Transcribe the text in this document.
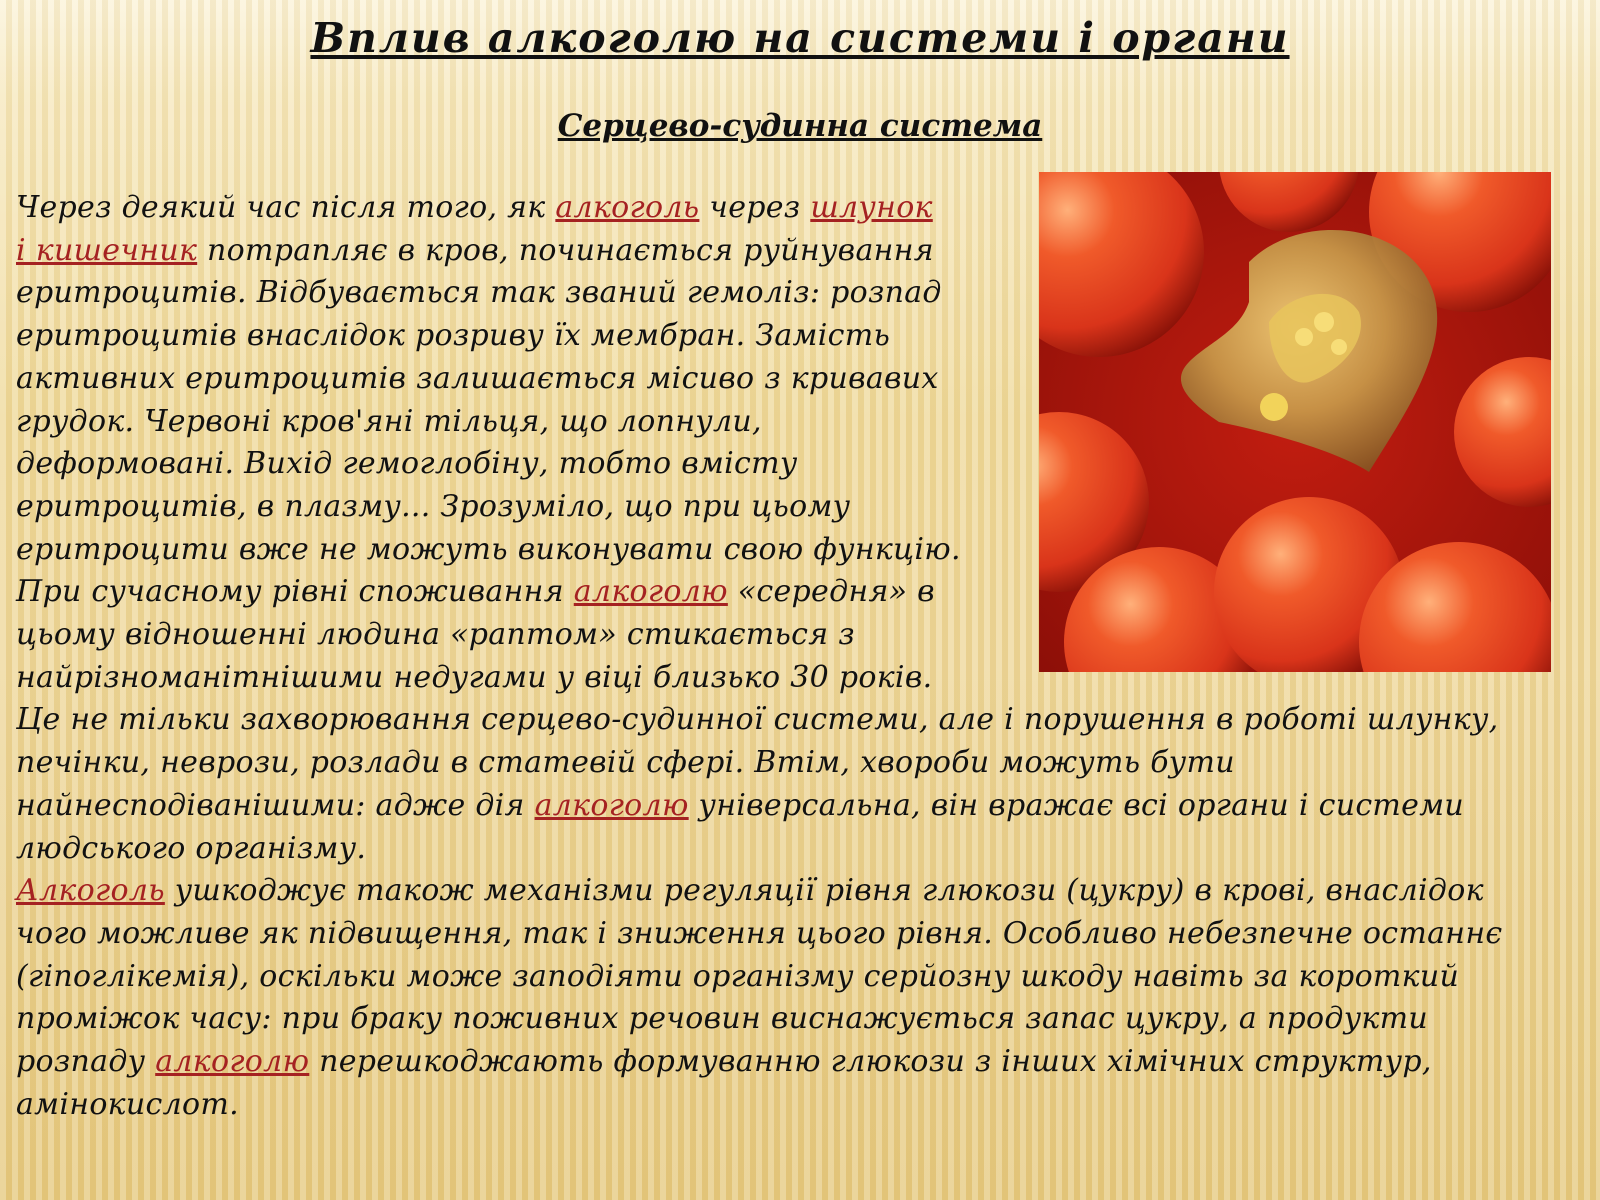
Вплив алкоголю на системи і органи
Серцево-судинна система
Через деякий час після того, як алкоголь через шлунок
і кишечник потрапляє в кров, починається руйнування
еритроцитів. Відбувається так званий гемоліз: розпад
еритроцитів внаслідок розриву їх мембран. Замість
активних еритроцитів залишається місиво з кривавих
грудок. Червоні кров'яні тільця, що лопнули,
деформовані. Вихід гемоглобіну, тобто вмісту
еритроцитів, в плазму... Зрозуміло, що при цьому
еритроцити вже не можуть виконувати свою функцію.
При сучасному рівні споживання алкоголю «середня» в
цьому відношенні людина «раптом» стикається з
найрізноманітнішими недугами у віці близько 30 років.
Це не тільки захворювання серцево-судинної системи, але і порушення в роботі шлунку,
печінки, неврози, розлади в статевій сфері. Втім, хвороби можуть бути
найнесподіванішими: адже дія алкоголю універсальна, він вражає всі органи і системи
людського організму.
Алкоголь ушкоджує також механізми регуляції рівня глюкози (цукру) в крові, внаслідок
чого можливе як підвищення, так і зниження цього рівня. Особливо небезпечне останнє
(гіпоглікемія), оскільки може заподіяти організму серйозну шкоду навіть за короткий
проміжок часу: при браку поживних речовин виснажується запас цукру, а продукти
розпаду алкоголю перешкоджають формуванню глюкози з інших хімічних структур,
амінокислот.
